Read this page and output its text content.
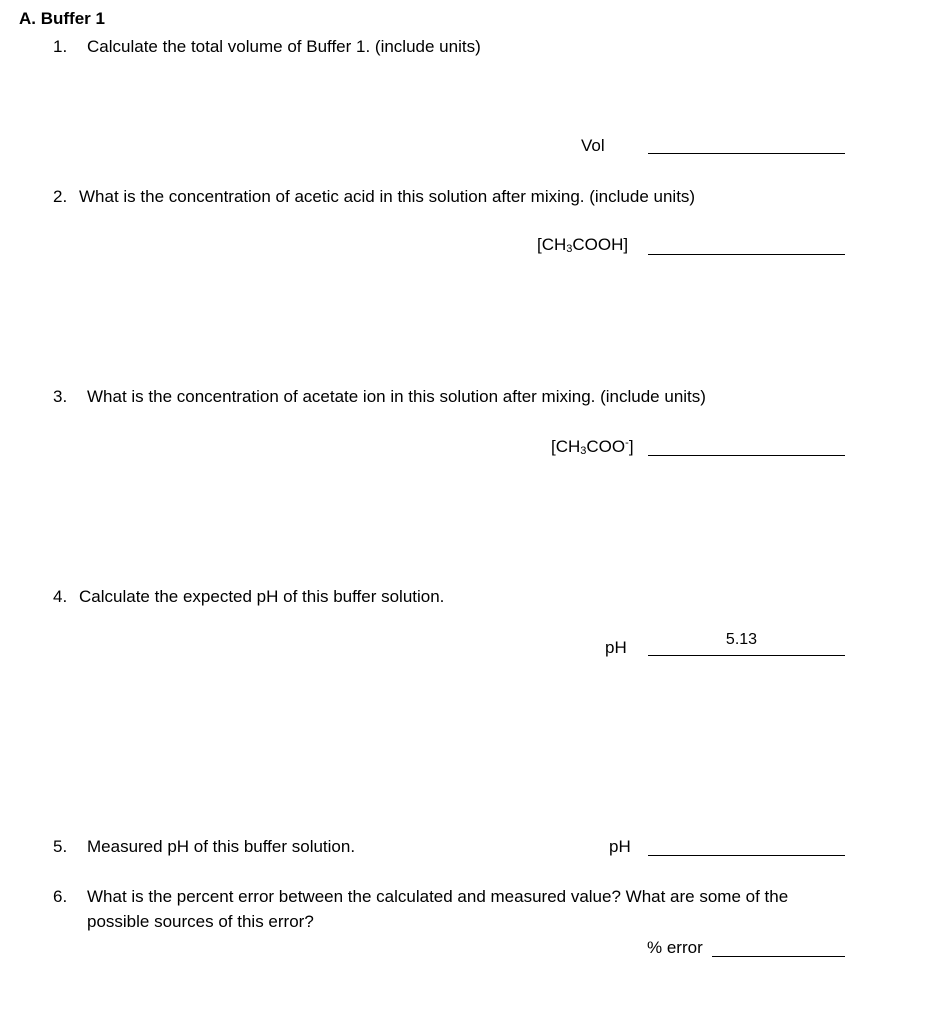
A. Buffer 1
1. Calculate the total volume of Buffer 1. (include units)
Vol
2. What is the concentration of acetic acid in this solution after mixing. (include units)
$[CH_3COOH]$
3. What is the concentration of acetate ion in this solution after mixing. (include units)
$[CH_3COO^-]$
4. Calculate the expected pH of this buffer solution.
pH
5.13
5. Measured pH of this buffer solution.	pH
6. What is the percent error between the calculated and measured value? What are some of the
possible sources of this error?
% error
